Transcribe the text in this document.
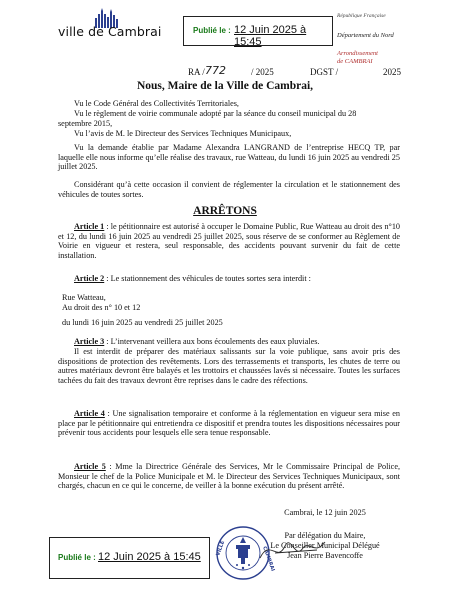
ville de Cambrai	Publié le : 12 Juin 2025 à 15:45
République Française
Département du Nord
Arrondissement
de CAMBRAI
RA / 772	/ 2025	DGST /	2025
Nous, Maire de la Ville de Cambrai,
Vu le Code Général des Collectivités Territoriales,
Vu le règlement de voirie communale adopté par la séance du conseil municipal du 28
septembre 2015,
Vu l’avis de M. le Directeur des Services Techniques Municipaux,
Vu la demande établie par Madame Alexandra LANGRAND de l’entreprise HECQ TP, par laquelle elle nous informe qu’elle réalise des travaux, rue Watteau, du lundi 16 juin 2025 au vendredi 25 juillet 2025.
Considérant qu’à cette occasion il convient de réglementer la circulation et le stationnement des véhicules de toutes sortes.
ARRÊTONS
Article 1 : le pétitionnaire est autorisé à occuper le Domaine Public, Rue Watteau au droit des n°10 et 12, du lundi 16 juin 2025 au vendredi 25 juillet 2025, sous réserve de se conformer au Règlement de Voirie en vigueur et restera, seul responsable, des accidents pouvant survenir du fait de cette installation.
Article 2 : Le stationnement des véhicules de toutes sortes sera interdit :
Rue Watteau,
Au droit des n° 10 et 12
du lundi 16 juin 2025 au vendredi 25 juillet 2025
Article 3 : L’intervenant veillera aux bons écoulements des eaux pluviales.
Il est interdit de préparer des matériaux salissants sur la voie publique, sans avoir pris des dispositions de protection des revêtements. Lors des terrassements et transports, les chutes de terre ou autres matériaux devront être balayés et les trottoirs et chaussées lavés si nécessaire. Toutes les surfaces tachées du fait des travaux devront être reprises dans le cadre des réfections.
Article 4 : Une signalisation temporaire et conforme à la réglementation en vigueur sera mise en place par le pétitionnaire qui entretiendra ce dispositif et prendra toutes les dispositions nécessaires pour prévenir tous accidents pour lesquels elle sera tenue responsable.
Article 5 : Mme la Directrice Générale des Services, Mr le Commissaire Principal de Police, Monsieur le chef de la Police Municipale et M. le Directeur des Services Techniques Municipaux, sont chargés, chacun en ce qui le concerne, de veiller à la bonne exécution du présent arrêté.
Cambrai, le 12 juin 2025
VILLE	CAMBRAI
Par délégation du Maire,
Le Conseiller Municipal Délégué
Jean Pierre Bavencoffe
Publié le : 12 Juin 2025 à 15:45
